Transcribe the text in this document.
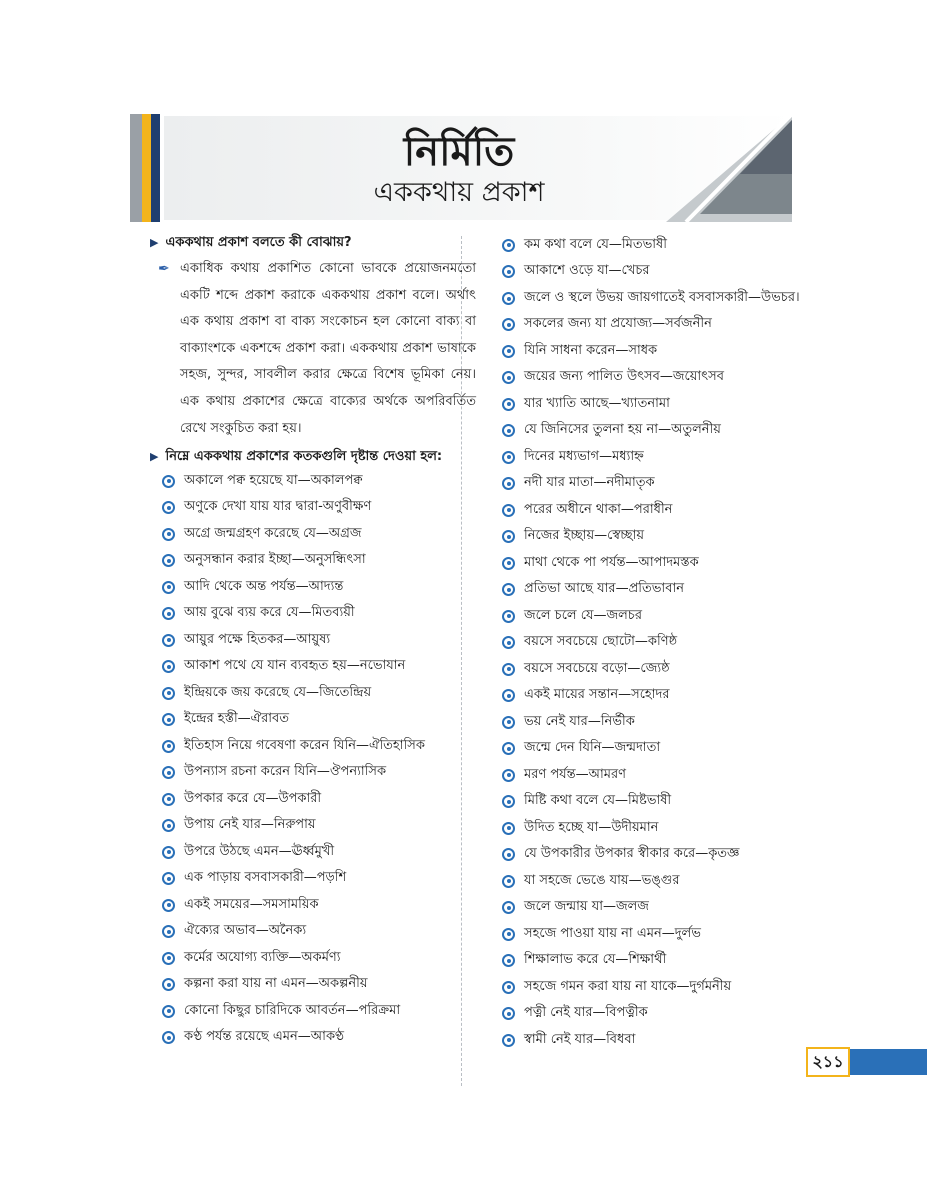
নির্মিতি
এককথায় প্রকাশ
▶ এককথায় প্রকাশ বলতে কী বোঝায়?
✒ একাধিক কথায় প্রকাশিত কোনো ভাবকে প্রয়োজনমতো একটি শব্দে প্রকাশ করাকে এককথায় প্রকাশ বলে। অর্থাৎ এক কথায় প্রকাশ বা বাক্য সংকোচন হল কোনো বাক্য বা বাক্যাংশকে একশব্দে প্রকাশ করা। এককথায় প্রকাশ ভাষাকে সহজ, সুন্দর, সাবলীল করার ক্ষেত্রে বিশেষ ভূমিকা নেয়। এক কথায় প্রকাশের ক্ষেত্রে বাক্যের অর্থকে অপরিবর্তিত রেখে সংকুচিত করা হয়।
▶ নিম্নে এককথায় প্রকাশের কতকগুলি দৃষ্টান্ত দেওয়া হল:
অকালে পক্ব হয়েছে যা—অকালপক্ব
অণুকে দেখা যায় যার দ্বারা-অণুবীক্ষণ
অগ্রে জন্মগ্রহণ করেছে যে—অগ্রজ
অনুসন্ধান করার ইচ্ছা—অনুসন্ধিৎসা
আদি থেকে অন্ত পর্যন্ত—আদ্যন্ত
আয় বুঝে ব্যয় করে যে—মিতব্যয়ী
আয়ুর পক্ষে হিতকর—আয়ুষ্য
আকাশ পথে যে যান ব্যবহৃত হয়—নভোযান
ইন্দ্রিয়কে জয় করেছে যে—জিতেন্দ্রিয়
ইন্দ্রের হস্তী—ঐরাবত
ইতিহাস নিয়ে গবেষণা করেন যিনি—ঐতিহাসিক
উপন্যাস রচনা করেন যিনি—ঔপন্যাসিক
উপকার করে যে—উপকারী
উপায় নেই যার—নিরুপায়
উপরে উঠছে এমন—ঊর্ধ্বমুখী
এক পাড়ায় বসবাসকারী—পড়শি
একই সময়ের—সমসাময়িক
ঐক্যের অভাব—অনৈক্য
কর্মের অযোগ্য ব্যক্তি—অকর্মণ্য
কল্পনা করা যায় না এমন—অকল্পনীয়
কোনো কিছুর চারিদিকে আবর্তন—পরিক্রমা
কণ্ঠ পর্যন্ত রয়েছে এমন—আকণ্ঠ
কম কথা বলে যে—মিতভাষী
আকাশে ওড়ে যা—খেচর
জলে ও স্থলে উভয় জায়গাতেই বসবাসকারী—উভচর।
সকলের জন্য যা প্রযোজ্য—সর্বজনীন
যিনি সাধনা করেন—সাধক
জয়ের জন্য পালিত উৎসব—জয়োৎসব
যার খ্যাতি আছে—খ্যাতনামা
যে জিনিসের তুলনা হয় না—অতুলনীয়
দিনের মধ্যভাগ—মধ্যাহ্ন
নদী যার মাতা—নদীমাতৃক
পরের অধীনে থাকা—পরাধীন
নিজের ইচ্ছায়—স্বেচ্ছায়
মাথা থেকে পা পর্যন্ত—আপাদমস্তক
প্রতিভা আছে যার—প্রতিভাবান
জলে চলে যে—জলচর
বয়সে সবচেয়ে ছোটো—কণিষ্ঠ
বয়সে সবচেয়ে বড়ো—জ্যেষ্ঠ
একই মায়ের সন্তান—সহোদর
ভয় নেই যার—নির্ভীক
জন্মে দেন যিনি—জন্মদাতা
মরণ পর্যন্ত—আমরণ
মিষ্টি কথা বলে যে—মিষ্টভাষী
উদিত হচ্ছে যা—উদীয়মান
যে উপকারীর উপকার স্বীকার করে—কৃতজ্ঞ
যা সহজে ভেঙে যায়—ভঙ্গুর
জলে জন্মায় যা—জলজ
সহজে পাওয়া যায় না এমন—দুর্লভ
শিক্ষালাভ করে যে—শিক্ষার্থী
সহজে গমন করা যায় না যাকে—দুর্গমনীয়
পত্নী নেই যার—বিপত্নীক
স্বামী নেই যার—বিধবা
২১১
